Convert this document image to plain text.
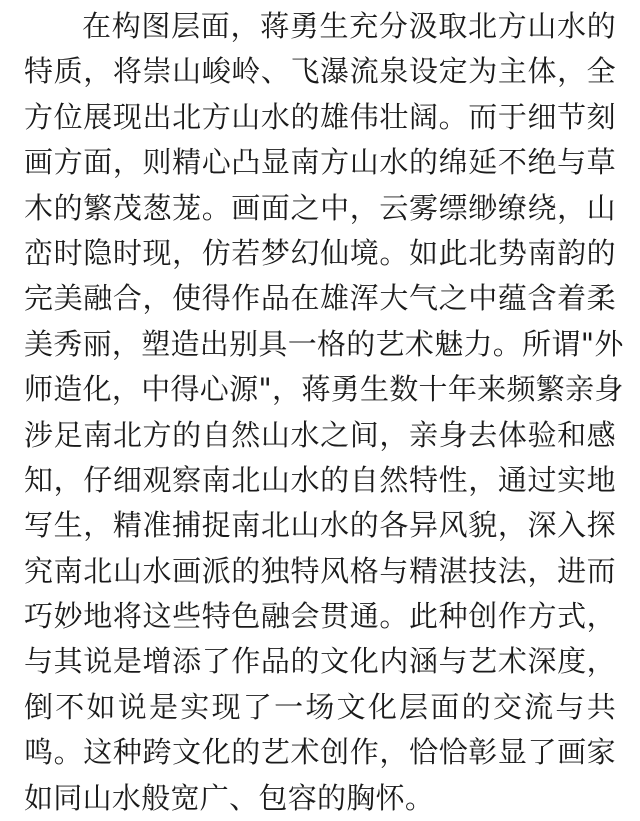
在构图层面，蒋勇生充分汲取北方山水的
特质，将崇山峻岭、飞瀑流泉设定为主体，全
方位展现出北方山水的雄伟壮阔。而于细节刻
画方面，则精心凸显南方山水的绵延不绝与草
木的繁茂葱茏。画面之中，云雾缥缈缭绕，山
峦时隐时现，仿若梦幻仙境。如此北势南韵的
完美融合，使得作品在雄浑大气之中蕴含着柔
美秀丽，塑造出别具一格的艺术魅力。所谓"外
师造化，中得心源"，蒋勇生数十年来频繁亲身
涉足南北方的自然山水之间，亲身去体验和感
知，仔细观察南北山水的自然特性，通过实地
写生，精准捕捉南北山水的各异风貌，深入探
究南北山水画派的独特风格与精湛技法，进而
巧妙地将这些特色融会贯通。此种创作方式，
与其说是增添了作品的文化内涵与艺术深度，
倒不如说是实现了一场文化层面的交流与共
鸣。这种跨文化的艺术创作，恰恰彰显了画家
如同山水般宽广、包容的胸怀。
